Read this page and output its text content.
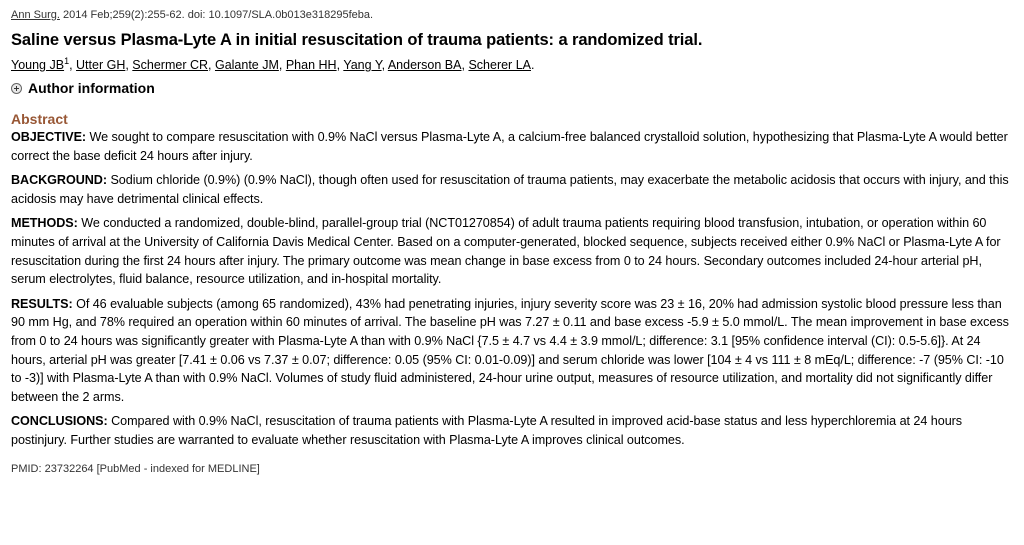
Ann Surg. 2014 Feb;259(2):255-62. doi: 10.1097/SLA.0b013e318295feba.
Saline versus Plasma-Lyte A in initial resuscitation of trauma patients: a randomized trial.
Young $JB^1$, Utter GH, Schermer CR, Galante JM, Phan HH, Yang Y, Anderson BA, Scherer LA.
Author information
Abstract

OBJECTIVE: We sought to compare resuscitation with 0.9% NaCl versus Plasma-Lyte A, a calcium-free balanced crystalloid solution, hypothesizing that Plasma-Lyte A would better correct the base deficit 24 hours after injury.

BACKGROUND: Sodium chloride (0.9%) (0.9% NaCl), though often used for resuscitation of trauma patients, may exacerbate the metabolic acidosis that occurs with injury, and this acidosis may have detrimental clinical effects.

METHODS: We conducted a randomized, double-blind, parallel-group trial (NCT01270854) of adult trauma patients requiring blood transfusion, intubation, or operation within 60 minutes of arrival at the University of California Davis Medical Center. Based on a computer-generated, blocked sequence, subjects received either 0.9% NaCl or Plasma-Lyte A for resuscitation during the first 24 hours after injury. The primary outcome was mean change in base excess from 0 to 24 hours. Secondary outcomes included 24-hour arterial pH, serum electrolytes, fluid balance, resource utilization, and in-hospital mortality.

RESULTS: Of 46 evaluable subjects (among 65 randomized), 43% had penetrating injuries, injury severity score was 23 ± 16, 20% had admission systolic blood pressure less than 90 mm Hg, and 78% required an operation within 60 minutes of arrival. The baseline pH was 7.27 ± 0.11 and base excess -5.9 ± 5.0 mmol/L. The mean improvement in base excess from 0 to 24 hours was significantly greater with Plasma-Lyte A than with 0.9% NaCl {7.5 ± 4.7 vs 4.4 ± 3.9 mmol/L; difference: 3.1 [95% confidence interval (CI): 0.5-5.6]}. At 24 hours, arterial pH was greater [7.41 ± 0.06 vs 7.37 ± 0.07; difference: 0.05 (95% CI: 0.01-0.09)] and serum chloride was lower [104 ± 4 vs 111 ± 8 mEq/L; difference: -7 (95% CI: -10 to -3)] with Plasma-Lyte A than with 0.9% NaCl. Volumes of study fluid administered, 24-hour urine output, measures of resource utilization, and mortality did not significantly differ between the 2 arms.

CONCLUSIONS: Compared with 0.9% NaCl, resuscitation of trauma patients with Plasma-Lyte A resulted in improved acid-base status and less hyperchloremia at 24 hours postinjury. Further studies are warranted to evaluate whether resuscitation with Plasma-Lyte A improves clinical outcomes.

PMID: 23732264 [PubMed - indexed for MEDLINE]
